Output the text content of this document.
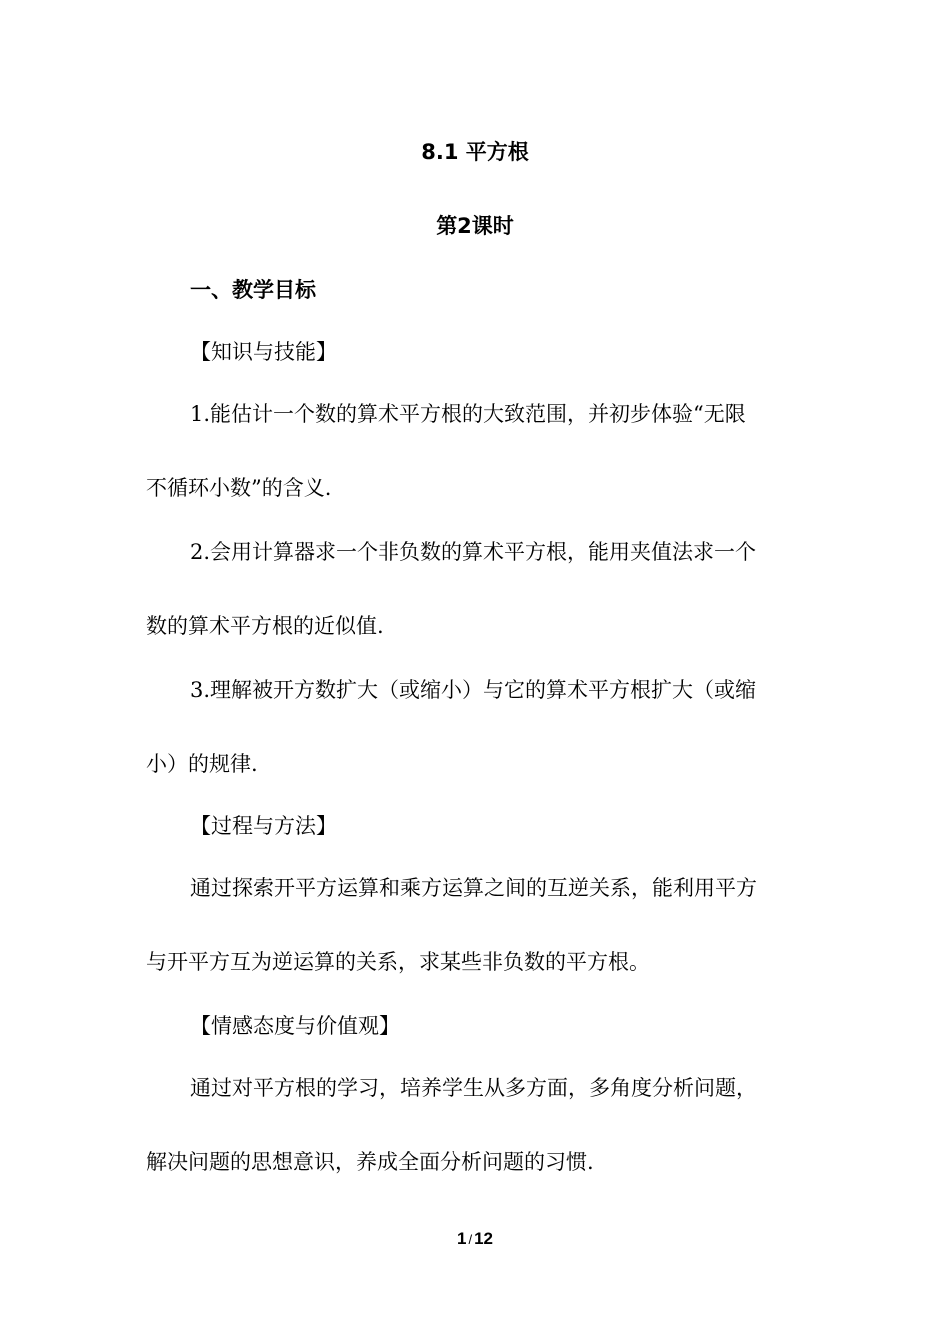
8.1 平方根
第2课时
一、教学目标
【知识与技能】
1.能估计一个数的算术平方根的大致范围，并初步体验“无限
不循环小数”的含义.
2.会用计算器求一个非负数的算术平方根，能用夹值法求一个
数的算术平方根的近似值.
3.理解被开方数扩大（或缩小）与它的算术平方根扩大（或缩
小）的规律.
【过程与方法】
通过探索开平方运算和乘方运算之间的互逆关系，能利用平方
与开平方互为逆运算的关系，求某些非负数的平方根。
【情感态度与价值观】
通过对平方根的学习，培养学生从多方面，多角度分析问题，
解决问题的思想意识，养成全面分析问题的习惯.
1 / 12
